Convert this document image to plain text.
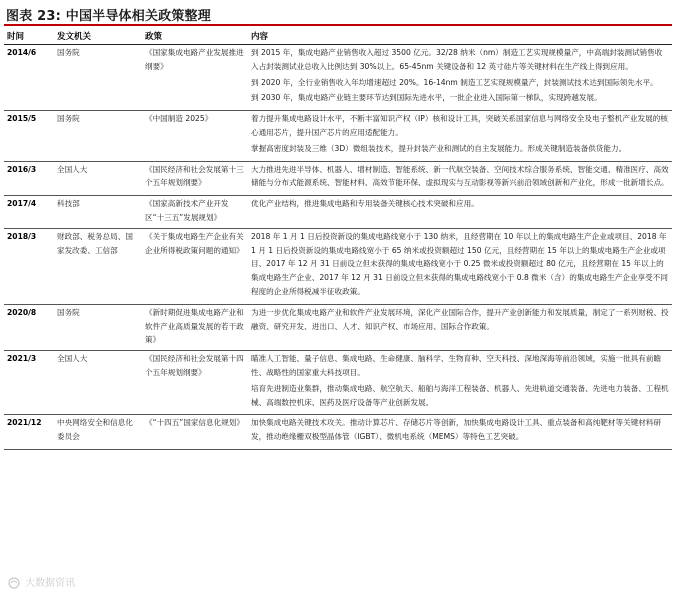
图表 23: 中国半导体相关政策整理
时间	发文机关	政策	内容
2014/6	国务院	《国家集成电路产业发展推进纲要》	到 2015 年，集成电路产业销售收入超过 3500 亿元。32/28 纳米（nm）制造工艺实现规模量产，中高端封装测试销售收入占封装测试业总收入比例达到 30%以上。65-45nm 关键设备和 12 英寸硅片等关键材料在生产线上得到应用。

到 2020 年，全行业销售收入年均增速超过 20%。16-14nm 制造工艺实现规模量产，封装测试技术达到国际领先水平。

到 2030 年，集成电路产业链主要环节达到国际先进水平，一批企业进入国际第一梯队，实现跨越发展。

2015/5	国务院	《中国制造 2025》	着力提升集成电路设计水平，不断丰富知识产权（IP）核和设计工具，突破关系国家信息与网络安全及电子整机产业发展的核心通用芯片，提升国产芯片的应用适配能力。

掌握高密度封装及三维（3D）微组装技术，提升封装产业和测试的自主发展能力。形成关键制造装备供货能力。

2016/3	全国人大	《国民经济和社会发展第十三个五年规划纲要》	大力推进先进半导体、机器人、增材制造、智能系统、新一代航空装备、空间技术综合服务系统、智能交通、精准医疗、高效储能与分布式能源系统、智能材料、高效节能环保、虚拟现实与互动影视等新兴前沿领域创新和产业化，形成一批新增长点。

2017/4	科技部	《国家高新技术产业开发区“十三五”发展规划》	优化产业结构，推进集成电路和专用装备关键核心技术突破和应用。

2018/3	财政部、税务总局、国家发改委、工信部	《关于集成电路生产企业有关企业所得税政策问题的通知》	2018 年 1 月 1 日后投资新设的集成电路线宽小于 130 纳米，且经营期在 10 年以上的集成电路生产企业或项目、2018 年 1 月 1 日后投资新设的集成电路线宽小于 65 纳米或投资额超过 150 亿元，且经营期在 15 年以上的集成电路生产企业或项目、2017 年 12 月 31 日前设立但未获得的集成电路线宽小于 0.25 微米或投资额超过 80 亿元，且经营期在 15 年以上的集成电路生产企业、2017 年 12 月 31 日前设立但未获得的集成电路线宽小于 0.8 微米（含）的集成电路生产企业享受不同程度的企业所得税减半征收政策。

2020/8	国务院	《新时期促进集成电路产业和软件产业高质量发展的若干政策》	为进一步优化集成电路产业和软件产业发展环境，深化产业国际合作，提升产业创新能力和发展质量，制定了一系列财税、投融资、研究开发、进出口、人才、知识产权、市场应用、国际合作政策。

2021/3	全国人大	《国民经济和社会发展第十四个五年规划纲要》	瞄准人工智能、量子信息、集成电路、生命健康、脑科学、生物育种、空天科技、深地深海等前沿领域，实施一批具有前瞻性、战略性的国家重大科技项目。

培育先进制造业集群，推动集成电路、航空航天、船舶与海洋工程装备、机器人、先进轨道交通装备、先进电力装备、工程机械、高端数控机床、医药及医疗设备等产业创新发展。

2021/12	中央网络安全和信息化委员会	《“十四五”国家信息化规划》	加快集成电路关键技术攻关。推动计算芯片、存储芯片等创新，加快集成电路设计工具、重点装备和高纯靶材等关键材料研发，推动绝缘栅双极型晶体管（IGBT）、微机电系统（MEMS）等特色工艺突破。

大数据资讯
